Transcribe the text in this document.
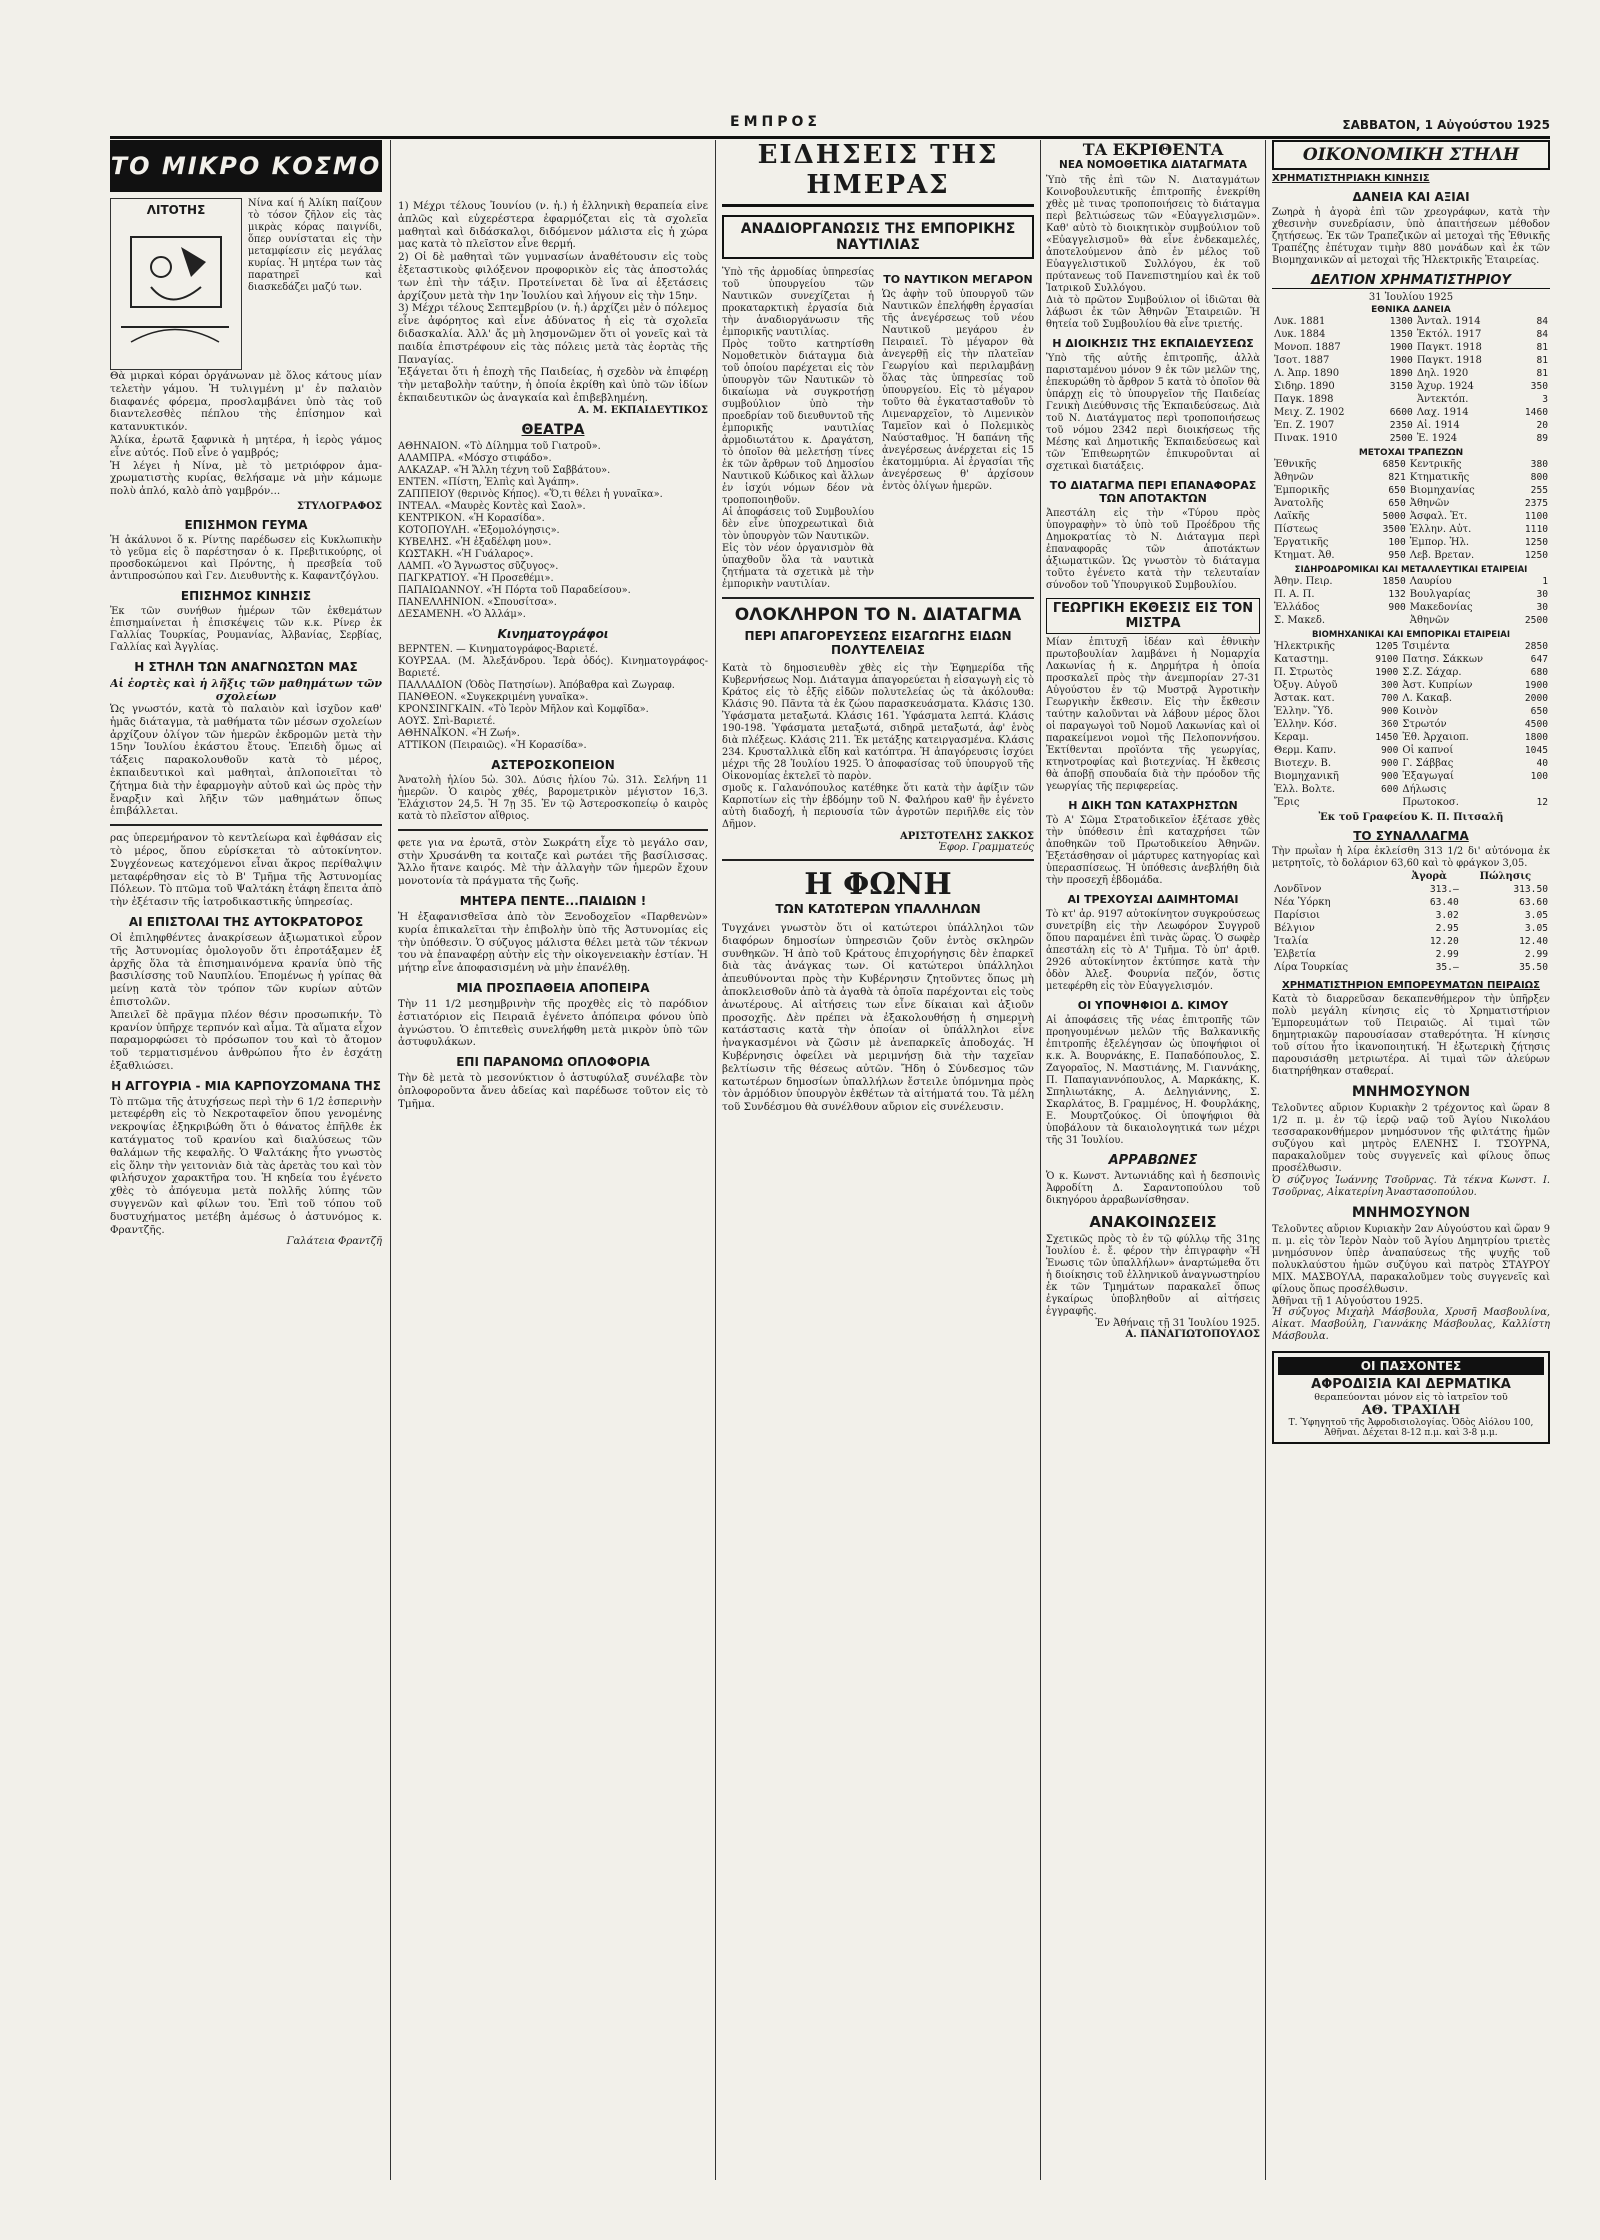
ΕΜΠΡΟΣ	ΣΑΒΒΑΤΟΝ, 1 Αὐγούστου 1925
ΤΟ ΜΙΚΡΟ ΚΟΣΜΟ
ΛΙΤΟΤΗΣ	Νίνα καί ή Ἀλίκη παίζουν τὸ τόσον ζῆλον εἰς τὰς μικρὰς κόρας παιγνίδι, ὅπερ ουνίσταται εἰς τὴν μεταμφίεσιν εἰς μεγάλας κυρίας. Ἡ μητέρα των τὰς παρατηρεῖ καὶ διασκεδάζει μαζύ των.

Θὰ μιρκαὶ κόραι ὀργάνωναν μὲ ὅλος κάτους μίαν τελετὴν γάμου. Ἡ τυλιγμένη μ' ἐν παλαιὸν διαφανές φόρεμα, προσλαμβάνει ὑπὸ τὰς τοῦ διαντελεσθὲς πέπλου τὴς ἐπίσημον καὶ κατανυκτικόν.

Ἀλίκα, ἐρωτᾶ ξαφνικὰ ἡ μητέρα, ἡ ἱερὸς γάμος εἶνε αὐτός. Ποῦ εἶνε ὁ γαμβρός;

Ἡ λέγει ἡ Νίνα, μὲ τὸ μετριόφρον ἀμα-χρωματιστὴς κυρίας, θελήσαμε νὰ μὴν κάμωμε πολὺ ἀπλό, καλὸ ἀπὸ γαμβρόν...

ΣΤΥΛΟΓΡΑΦΟΣ
ΕΠΙΣΗΜΟΝ ΓΕΥΜΑ

Ἡ ἀκάλυνοι ὅ κ. Ρίντης παρέδωσεν εἰς Κυκλωπικὴν τὸ γεῦμα εἰς ὃ παρέστησαν ὁ κ. Πρεβιτικούρης, οἱ προσδοκώμενοι καὶ Πρόντης, ἡ πρεσβεία τοῦ ἀντιπροσώπου καὶ Γεν. Διευθυντὴς κ. Καφαντζόγλου.

ΕΠΙΣΗΜΟΣ ΚΙΝΗΣΙΣ

Ἐκ τῶν συνήθων ἡμέρων τῶν ἐκθεμάτων ἐπισημαίνεται ἡ ἐπισκέψεις τῶν κ.κ. Ρίνερ ἐκ Γαλλίας Τουρκίας, Ρουμανίας, Ἀλβανίας, Σερβίας, Γαλλίας καὶ Ἀγγλίας.

Η ΣΤΗΛΗ ΤΩΝ ΑΝΑΓΝΩΣΤΩΝ ΜΑΣ
Αἱ ἐορτὲς καὶ ἡ λῆξις τῶν μαθημάτων τῶν σχολείων

Ὡς γνωστόν, κατὰ τὸ παλαιὸν καὶ ἰσχῦον καθ' ἡμᾶς διάταγμα, τὰ μαθήματα τῶν μέσων σχολείων ἀρχίζουν ὀλίγον τῶν ἡμερῶν ἐκδρομῶν μετὰ τὴν 15ην Ἰουλίου ἑκάστου ἔτους. Ἐπειδὴ ὅμως αἱ τάξεις παρακολουθοῦν κατὰ τὸ μέρος, ἐκπαιδευτικοὶ καὶ μαθηταὶ, ἀπλοποιεῖται τὸ ζήτημα διὰ τὴν ἐφαρμογὴν αὐτοῦ καὶ ὡς πρὸς τὴν ἔναρξιν καὶ λῆξιν τῶν μαθημάτων ὅπως ἐπιβάλλεται.

ρας ὑπερεμήρανον τὸ κεντλείωρα καὶ ἐφθάσαν εἰς τὸ μέρος, ὅπου εὑρίσκεται τὸ αὐτοκίνητον. Συγχέονεως κατεχόμενοι εἶναι ἄκρος περίθαλψιν μεταφέρθησαν εἰς τὸ Β' Τμῆμα τῆς Ἀστυνομίας Πόλεων. Τὸ πτῶμα τοῦ Ψαλτάκη ἐτάφη ἔπειτα ἀπὸ τὴν ἐξέτασιν τῆς ἰατροδικαστικῆς ὑπηρεσίας.

ΑΙ ΕΠΙΣΤΟΛΑΙ ΤΗΣ ΑΥΤΟΚΡΑΤΟΡΟΣ

Οἱ ἐπιληφθέντες ἀνακρίσεων ἀξιωματικοὶ εὗρον τῆς Ἀστυνομίας ὁμολογοῦν ὅτι ἐπροτάξαμεν ἐξ ἀρχῆς ὅλα τὰ ἐπισημαινόμενα κρανία ὑπὸ τῆς βασιλίσσης τοῦ Ναυπλίου. Ἑπομένως ἡ γρίπας θὰ μείνῃ κατὰ τὸν τρόπον τῶν κυρίων αὐτῶν ἐπιστολῶν.

Ἀπειλεῖ δὲ πρᾶγμα πλέον θέσιν προσωπικήν. Τὸ κρανίον ὑπῆρχε τερπνόν καὶ αἷμα. Τὰ αἵματα εἶχον παραμορφώσει τὸ πρόσωπον του καὶ τὸ ἄτομον τοῦ τερματισμένου ἀνθρώπου ἦτο ἐν ἐσχάτῃ ἐξαθλιώσει.

Η ΑΓΓΟΥΡΙΑ - ΜΙΑ ΚΑΡΠΟΥΖΟΜΑΝΑ ΤΗΣ

Τὸ πτῶμα τῆς ἀτυχήσεως περὶ τὴν 6 1/2 ἑσπερινὴν μετεφέρθη εἰς τὸ Νεκροταφεῖον ὅπου γενομένης νεκροψίας ἐξηκριβώθη ὅτι ὁ θάνατος ἐπῆλθε ἐκ κατάγματος τοῦ κρανίου καὶ διαλύσεως τῶν θαλάμων τῆς κεφαλῆς. Ὁ Ψαλτάκης ἦτο γνωστὸς εἰς ὅλην τὴν γειτονιὰν διὰ τὰς ἀρετὰς του καὶ τὸν φιλήσυχον χαρακτῆρα του. Ἡ κηδεία του ἐγένετο χθὲς τὸ ἀπόγευμα μετὰ πολλῆς λύπης τῶν συγγενῶν καὶ φίλων του. Ἐπὶ τοῦ τόπου τοῦ δυστυχήματος μετέβη ἀμέσως ὁ ἀστυνόμος κ. Φραντζῆς.

Γαλάτεια Φραντζῆ

1) Μέχρι τέλους Ἰουνίου (ν. ἡ.) ἡ ἐλληνικὴ θεραπεία εἶνε ἀπλῶς καὶ εὐχερέστερα ἐφαρμόζεται εἰς τὰ σχολεῖα μαθηταὶ καὶ διδάσκαλοι, διδόμενον μάλιστα εἰς ἡ χώρα μας κατὰ τὸ πλεῖστον εἶνε θερμή.

2) Οἱ δὲ μαθηταὶ τῶν γυμνασίων ἀναθέτουσιν εἰς τοὺς ἐξεταστικοὺς φιλόξενον προφορικὸν εἰς τὰς ἀποστολάς των ἐπὶ τὴν τάξιν. Προτείνεται δὲ ἵνα αἱ ἐξετάσεις ἀρχίζουν μετὰ τὴν 1ην Ἰουλίου καὶ λήγουν εἰς τὴν 15ην.

3) Μέχρι τέλους Σεπτεμβρίου (ν. ἡ.) ἀρχίζει μὲν ὁ πόλεμος εἶνε ἀφόρητος καὶ εἶνε ἀδύνατος ἡ εἰς τὰ σχολεῖα διδασκαλία. Ἀλλ' ἄς μὴ λησμονῶμεν ὅτι οἱ γονεῖς καὶ τὰ παιδία ἐπιστρέφουν εἰς τὰς πόλεις μετὰ τὰς ἑορτὰς τῆς Παναγίας.

Ἐξάγεται ὅτι ἡ ἐποχὴ τῆς Παιδείας, ἡ σχεδὸν νὰ ἐπιφέρῃ τὴν μεταβολὴν ταύτην, ἡ ὁποία ἐκρίθη καὶ ὑπὸ τῶν ἰδίων ἐκπαιδευτικῶν ὡς ἀναγκαία καὶ ἐπιβεβλημένη.

Α. Μ. ΕΚΠΑΙΔΕΥΤΙΚΟΣ
ΘΕΑΤΡΑ
ΑΘΗΝΑΙΟΝ. «Τὸ Δίλημμα τοῦ Γιατροῦ».
ΑΛΑΜΠΡΑ. «Μόσχο στιφάδο».
ΑΛΚΑΖΑΡ. «Ἡ Ἄλλη τέχνη τοῦ Σαββάτου».
ΕΝΤΕΝ. «Πίστη, Ἐλπὶς καὶ Ἀγάπη».
ΖΑΠΠΕΙΟΥ (θερινὸς Κήπος). «Ὅ,τι θέλει ἡ γυναῖκα».
ΙΝΤΕΑΛ. «Μαυρὲς Κοντὲς καὶ Σαολ».
ΚΕΝΤΡΙΚΟΝ. «Ἡ Κορασίδα».
ΚΟΤΟΠΟΥΛΗ. «Ἐξομολόγησις».
ΚΥΒΕΛΗΣ. «Ἡ ἐξαδέλφη μου».
ΚΩΣΤΑΚΗ. «Ἡ Γυάλαρος».
ΛΑΜΠ. «Ὁ Ἄγνωστος σῦζυγος».
ΠΑΓΚΡΑΤΙΟΥ. «Ἡ Προσεθέμι».
ΠΑΠΑΙΩΑΝΝΟΥ. «Ἡ Πόρτα τοῦ Παραδείσου».
ΠΑΝΕΛΛΗΝΙΟΝ. «Σπουσίτσα».
ΔΕΣΑΜΕΝΗ. «Ὁ Ἀλλάμ».
Κινηματογράφοι
ΒΕΡΝΤΕΝ. — Κινηματογράφος-Βαριετέ.
ΚΟΥΡΣΑΑ. (Μ. Ἀλεξάνδρου. Ἱερὰ ὁδός). Κινηματογράφος-Βαριετέ.
ΠΑΛΛΑΔΙΟΝ (Ὁδὸς Πατησίων). Ἀπόβαθρα καὶ Ζωγραφ.
ΠΑΝΘΕΟΝ. «Συγκεκριμένη γυναῖκα».
ΚΡΟΝΣΙΝΓΚΑΙΝ. «Τὸ Ἱερὸν Μῆλον καὶ Κομφῖδα».
ΑΟΥΣ. Σπὶ-Βαριετέ.
ΑΘΗΝΑΪΚΟΝ. «Ἡ Ζωή».
ΑΤΤΙΚΟΝ (Πειραιῶς). «Ἡ Κορασίδα».
ΑΣΤΕΡΟΣΚΟΠΕΙΟΝ

Ἀνατολὴ ἡλίου 5ὡ. 30λ. Δύσις ἡλίου 7ὡ. 31λ. Σελήνη 11 ἡμερῶν. Ὁ καιρὸς χθές, βαρομετρικὸν μέγιστον 16,3. Ἐλάχιστον 24,5. Ἡ 7ῃ 35. Ἐν τῷ Ἀστεροσκοπείῳ ὁ καιρὸς κατὰ τὸ πλεῖστον αἴθριος.

φετε για να ἐρωτᾶ, στὸν Σωκράτη εἶχε τὸ μεγάλο σαν, στὴν Χρυσάνθη τα κοιταζε καὶ ρωτάει τῆς βασίλισσας. Ἄλλο ἤτανε καιρός. Μὲ τὴν ἀλλαγὴν τῶν ἡμερῶν ἔχουν μονοτονία τὰ πράγματα τῆς ζωῆς.

ΜΗΤΕΡΑ ΠΕΝΤΕ...ΠΑΙΔΙΩΝ !

Ἡ ἐξαφανισθεῖσα ἀπὸ τὸν Ξενοδοχεῖον «Παρθενὼν» κυρία ἐπικαλεῖται τὴν ἐπιβολὴν ὑπὸ τῆς Ἀστυνομίας εἰς τὴν ὑπόθεσιν. Ὁ σύζυγος μάλιστα θέλει μετὰ τῶν τέκνων του νὰ ἐπαναφέρῃ αὐτὴν εἰς τὴν οἰκογενειακὴν ἑστίαν. Ἡ μήτηρ εἶνε ἀποφασισμένη νὰ μὴν ἐπανέλθῃ.

ΜΙΑ ΠΡΟΣΠΑΘΕΙΑ ΑΠΟΠΕΙΡΑ

Τὴν 11 1/2 μεσημβρινὴν τῆς προχθὲς εἰς τὸ παρόδιον ἐστιατόριον εἰς Πειραιᾶ ἐγένετο ἀπόπειρα φόνου ὑπὸ ἀγνώστου. Ὁ ἐπιτεθεὶς συνελήφθη μετὰ μικρὸν ὑπὸ τῶν ἀστυφυλάκων.

ΕΠΙ ΠΑΡΑΝΟΜΩ ΟΠΛΟΦΟΡΙΑ

Τὴν δὲ μετὰ τὸ μεσονύκτιον ὁ ἀστυφύλαξ συνέλαβε τὸν ὀπλοφοροῦντα ἄνευ ἀδείας καὶ παρέδωσε τοῦτον εἰς τὸ Τμῆμα.

ΕΙΔΗΣΕΙΣ ΤΗΣ ΗΜΕΡΑΣ
ΑΝΑΔΙΟΡΓΑΝΩΣΙΣ ΤΗΣ ΕΜΠΟΡΙΚΗΣ ΝΑΥΤΙΛΙΑΣ

Ὑπὸ τῆς ἁρμοδίας ὑπηρεσίας τοῦ ὑπουργείου τῶν Ναυτικῶν συνεχίζεται ἡ προκαταρκτικὴ ἐργασία διὰ τὴν ἀναδιοργάνωσιν τῆς ἐμπορικῆς ναυτιλίας.

Πρὸς τοῦτο κατηρτίσθη Νομοθετικὸν διάταγμα διὰ τοῦ ὁποίου παρέχεται εἰς τὸν ὑπουργὸν τῶν Ναυτικῶν τὸ δικαίωμα νὰ συγκροτήσῃ συμβούλιον ὑπὸ τὴν προεδρίαν τοῦ διευθυντοῦ τῆς ἐμπορικῆς ναυτιλίας ἁρμοδιωτάτου κ. Δραγάτση, τὸ ὁποῖον θὰ μελετήσῃ τίνες ἐκ τῶν ἄρθρων τοῦ Δημοσίου Ναυτικοῦ Κώδικος καὶ ἄλλων ἐν ἰσχύι νόμων δέον νὰ τροποποιηθοῦν.

Αἱ ἀποφάσεις τοῦ Συμβουλίου δὲν εἶνε ὑποχρεωτικαὶ διὰ τὸν ὑπουργὸν τῶν Ναυτικῶν.

Εἰς τὸν νέον ὀργανισμὸν θὰ ὑπαχθοῦν ὅλα τὰ ναυτικὰ ζητήματα τὰ σχετικὰ μὲ τὴν ἐμπορικὴν ναυτιλίαν.

ΤΟ ΝΑΥΤΙΚΟΝ ΜΕΓΑΡΟΝ

Ὡς ἀφὴν τοῦ ὑπουργοῦ τῶν Ναυτικῶν ἐπελήφθη ἐργασίαι τῆς ἀνεγέρσεως τοῦ νέου Ναυτικοῦ μεγάρου ἐν Πειραιεῖ. Τὸ μέγαρον θὰ ἀνεγερθῇ εἰς τὴν πλατεῖαν Γεωργίου καὶ περιλαμβάνῃ ὅλας τὰς ὑπηρεσίας τοῦ ὑπουργείου. Εἰς τὸ μέγαρον τοῦτο θὰ ἐγκατασταθοῦν τὸ Λιμεναρχεῖον, τὸ Λιμενικὸν Ταμεῖον καὶ ὁ Πολεμικὸς Ναύσταθμος. Ἡ δαπάνη τῆς ἀνεγέρσεως ἀνέρχεται εἰς 15 ἑκατομμύρια. Αἱ ἐργασίαι τῆς ἀνεγέρσεως θ' ἀρχίσουν ἐντὸς ὀλίγων ἡμερῶν.

ΟΛΟΚΛΗΡΟΝ ΤΟ Ν. ΔΙΑΤΑΓΜΑ
ΠΕΡΙ ΑΠΑΓΟΡΕΥΣΕΩΣ ΕΙΣΑΓΩΓΗΣ ΕΙΔΩΝ ΠΟΛΥΤΕΛΕΙΑΣ

Κατὰ τὸ δημοσιευθὲν χθὲς εἰς τὴν Ἐφημερίδα τῆς Κυβερνήσεως Νομ. Διάταγμα ἀπαγορεύεται ἡ εἰσαγωγὴ εἰς τὸ Κράτος εἰς τὸ ἑξῆς εἰδῶν πολυτελείας ὡς τὰ ἀκόλουθα: Κλάσις 90. Πᾶντα τὰ ἐκ ζώου παρασκευάσματα. Κλάσις 130. Ὑφάσματα μεταξωτά. Κλάσις 161. Ὑφάσματα λεπτά. Κλάσις 190-198. Ὑφάσματα μεταξωτά, σιδηρᾶ μεταξωτά, ἀφ' ἑνὸς διὰ πλέξεως. Κλάσις 211. Ἐκ μετάξης κατειργασμένα. Κλάσις 234. Κρυσταλλικὰ εἴδη καὶ κατόπτρα. Ἡ ἀπαγόρευσις ἰσχύει μέχρι τῆς 28 Ἰουλίου 1925. Ὁ ἀποφασίσας τοῦ ὑπουργοῦ τῆς Οἰκονομίας ἐκτελεῖ τὸ παρὸν.

σμοῦς κ. Γαλανόπουλος κατέθηκε ὅτι κατὰ τὴν ἀφίξιν τῶν Καρποτίων εἰς τὴν ἑβδόμην τοῦ Ν. Φαλήρου καθ' ἣν ἐγένετο αὐτὴ διαδοχή, ἡ περιουσία τῶν ἀγροτῶν περιῆλθε εἰς τὸν Δῆμον.

ΑΡΙΣΤΟΤΕΛΗΣ ΣΑΚΚΟΣ
Ἐφορ. Γραμματεύς
Η ΦΩΝΗ
ΤΩΝ ΚΑΤΩΤΕΡΩΝ ΥΠΑΛΛΗΛΩΝ

Τυγχάνει γνωστὸν ὅτι οἱ κατώτεροι ὑπάλληλοι τῶν διαφόρων δημοσίων ὑπηρεσιῶν ζοῦν ἐντὸς σκληρῶν συνθηκῶν. Ἡ ἀπὸ τοῦ Κράτους ἐπιχορήγησις δὲν ἐπαρκεῖ διὰ τὰς ἀνάγκας των. Οἱ κατώτεροι ὑπάλληλοι ἀπευθύνονται πρὸς τὴν Κυβέρνησιν ζητοῦντες ὅπως μὴ ἀποκλεισθοῦν ἀπὸ τὰ ἀγαθὰ τὰ ὁποῖα παρέχονται εἰς τοὺς ἀνωτέρους. Αἱ αἰτήσεις των εἶνε δίκαιαι καὶ ἀξιοῦν προσοχῆς. Δὲν πρέπει νὰ ἐξακολουθήσῃ ἡ σημερινὴ κατάστασις κατὰ τὴν ὁποίαν οἱ ὑπάλληλοι εἶνε ἠναγκασμένοι νὰ ζῶσιν μὲ ἀνεπαρκεῖς ἀποδοχάς. Ἡ Κυβέρνησις ὀφείλει νὰ μεριμνήσῃ διὰ τὴν ταχεῖαν βελτίωσιν τῆς θέσεως αὐτῶν. Ἤδη ὁ Σύνδεσμος τῶν κατωτέρων δημοσίων ὑπαλλήλων ἔστειλε ὑπόμνημα πρὸς τὸν ἁρμόδιον ὑπουργὸν ἐκθέτων τὰ αἰτήματά του. Τὰ μέλη τοῦ Συνδέσμου θὰ συνέλθουν αὔριον εἰς συνέλευσιν.

ΤΑ ΕΚΡΙΘΕΝΤΑ
ΝΕΑ ΝΟΜΟΘΕΤΙΚΑ ΔΙΑΤΑΓΜΑΤΑ

Ὑπὸ τῆς ἐπὶ τῶν Ν. Διαταγμάτων Κοινοβουλευτικῆς ἐπιτροπῆς ἐνεκρίθη χθὲς μὲ τινας τροποποιήσεις τὸ διάταγμα περὶ βελτιώσεως τῶν «Εὐαγγελισμῶν». Καθ' αὐτὸ τὸ διοικητικὸν συμβούλιον τοῦ «Εὐαγγελισμοῦ» θὰ εἶνε ἑνδεκαμελές, ἀποτελούμενον ἀπὸ ἐν μέλος τοῦ Εὐαγγελιστικοῦ Συλλόγου, ἐκ τοῦ πρύτανεως τοῦ Πανεπιστημίου καὶ ἐκ τοῦ Ἰατρικοῦ Συλλόγου.

Διὰ τὸ πρῶτον Συμβούλιον οἱ ἰδιῶται θὰ λάβωσι ἐκ τῶν Ἀθηνῶν Ἑταιρειῶν. Ἡ θητεία τοῦ Συμβουλίου θὰ εἶνε τριετής.

Η ΔΙΟΙΚΗΣΙΣ ΤΗΣ ΕΚΠΑΙΔΕΥΣΕΩΣ

Ὑπὸ τῆς αὐτῆς ἐπιτροπῆς, ἀλλὰ παρισταμένου μόνον 9 ἐκ τῶν μελῶν της, ἐπεκυρώθη τὸ ἄρθρον 5 κατὰ τὸ ὁποῖον θὰ ὑπάρχῃ εἰς τὸ ὑπουργεῖον τῆς Παιδείας Γενικὴ Διεύθυνσις τῆς Ἐκπαιδεύσεως. Διὰ τοῦ Ν. Διατάγματος περὶ τροποποιήσεως τοῦ νόμου 2342 περὶ διοικήσεως τῆς Μέσης καὶ Δημοτικῆς Ἐκπαιδεύσεως καὶ τῶν Ἐπιθεωρητῶν ἐπικυροῦνται αἱ σχετικαὶ διατάξεις.

ΤΟ ΔΙΑΤΑΓΜΑ ΠΕΡΙ ΕΠΑΝΑΦΟΡΑΣ ΤΩΝ ΑΠΟΤΑΚΤΩΝ

Ἀπεστάλη εἰς τὴν «Τύρου πρὸς ὑπογραφὴν» τὸ ὑπὸ τοῦ Προέδρου τῆς Δημοκρατίας τὸ Ν. Διάταγμα περὶ ἐπαναφορᾶς τῶν ἀποτάκτων ἀξιωματικῶν. Ὡς γνωστὸν τὸ διάταγμα τοῦτο ἐγένετο κατὰ τὴν τελευταίαν σύνοδον τοῦ Ὑπουργικοῦ Συμβουλίου.

ΓΕΩΡΓΙΚΗ ΕΚΘΕΣΙΣ ΕΙΣ ΤΟΝ ΜΙΣΤΡΑ

Μίαν ἐπιτυχῆ ἰδέαν καὶ ἐθνικὴν πρωτοβουλίαν λαμβάνει ἡ Νομαρχία Λακωνίας ἡ κ. Δηρμήτρα ἡ ὁποία προσκαλεῖ πρὸς τὴν ἀνεμπορίαν 27-31 Αὐγούστου ἐν τῷ Μυστρᾷ Ἀγροτικὴν Γεωργικὴν ἔκθεσιν. Εἰς τὴν ἔκθεσιν ταύτην καλοῦνται νὰ λάβουν μέρος ὅλοι οἱ παραγωγοὶ τοῦ Νομοῦ Λακωνίας καὶ οἱ παρακείμενοι νομοὶ τῆς Πελοποννήσου. Ἐκτίθενται προϊόντα τῆς γεωργίας, κτηνοτροφίας καὶ βιοτεχνίας. Ἡ ἔκθεσις θὰ ἀποβῇ σπουδαία διὰ τὴν πρόοδον τῆς γεωργίας τῆς περιφερείας.

Η ΔΙΚΗ ΤΩΝ ΚΑΤΑΧΡΗΣΤΩΝ

Τὸ Α' Σῶμα Στρατοδικεῖον ἐξέτασε χθὲς τὴν ὑπόθεσιν ἐπὶ καταχρήσει τῶν ἀποθηκῶν τοῦ Πρωτοδικείου Ἀθηνῶν. Ἐξετάσθησαν οἱ μάρτυρες κατηγορίας καὶ ὑπερασπίσεως. Ἡ ὑπόθεσις ἀνεβλήθη διὰ τὴν προσεχῆ ἑβδομάδα.

ΑΙ ΤΡΕΧΟΥΣΑΙ ΔΑΙΜΗΤΟΜΑΙ

Τὸ κτ' ἀρ. 9197 αὐτοκίνητον συγκρούσεως συνετρίβη εἰς τὴν Λεωφόρον Συγγροῦ ὅπου παραμένει ἐπὶ τινὰς ὥρας. Ὁ σωφὲρ ἀπεστάλη εἰς τὸ Α' Τμῆμα. Τὸ ὑπ' ἀριθ. 2926 αὐτοκίνητον ἐκτύπησε κατὰ τὴν ὁδὸν Ἀλεξ. Φουρνία πεζόν, ὅστις μετεφέρθη εἰς τὸν Εὐαγγελισμόν.

ΟΙ ΥΠΟΨΗΦΙΟΙ Δ. ΚΙΜΟΥ

Αἱ ἀποφάσεις τῆς νέας ἐπιτροπῆς τῶν προηγουμένων μελῶν τῆς Βαλκανικῆς ἐπιτροπῆς ἐξελέγησαν ὡς ὑποψήφιοι οἱ κ.κ. Ἀ. Βουρνάκης, Ε. Παπαδόπουλος, Σ. Ζαγοραῖος, Ν. Μαστιάνης, Μ. Γιαννάκης, Π. Παπαγιαννόπουλος, Α. Μαρκάκης, Κ. Σπηλιωτάκης, Α. Δεληγιάννης, Σ. Σκαρλάτος, Β. Γραμμένος, Η. Φουρλάκης, Ε. Μουρτζούκος. Οἱ ὑποψήφιοι θὰ ὑποβάλουν τὰ δικαιολογητικά των μέχρι τῆς 31 Ἰουλίου.

ΑΡΡΑΒΩΝΕΣ

Ὁ κ. Κωνστ. Ἀντωνιάδης καὶ ἡ δεσποινὶς Ἀφροδίτη Δ. Σαραντοπούλου τοῦ δικηγόρου ἀρραβωνίσθησαν.

ΑΝΑΚΟΙΝΩΣΕΙΣ

Σχετικῶς πρὸς τὸ ἐν τῷ φύλλῳ τῆς 31ης Ἰουλίου ἐ. ἔ. φέρον τὴν ἐπιγραφὴν «Ἡ Ἑνωσις τῶν ὑπαλλήλων» ἀναρτώμεθα ὅτι ἡ διοίκησις τοῦ ἐλληνικοῦ ἀναγνωστηρίου ἐκ τῶν Τμημάτων παρακαλεῖ ὅπως ἐγκαίρως ὑποβληθοῦν αἱ αἰτήσεις ἐγγραφῆς.

Ἐν Ἀθήναις τῇ 31 Ἰουλίου 1925.
Α. ΠΑΝΑΓΙΩΤΟΠΟΥΛΟΣ
ΟΙΚΟΝΟΜΙΚΗ ΣΤΗΛΗ
ΧΡΗΜΑΤΙΣΤΗΡΙΑΚΗ ΚΙΝΗΣΙΣ
ΔΑΝΕΙΑ ΚΑΙ ΑΞΙΑΙ

Ζωηρὰ ἡ ἀγορὰ ἐπὶ τῶν χρεογράφων, κατὰ τὴν χθεσινὴν συνεδρίασιν, ὑπὸ ἀπαιτήσεων μέθοδον ζητήσεως. Ἐκ τῶν Τραπεζικῶν αἱ μετοχαὶ τῆς Ἐθνικῆς Τραπέζης ἐπέτυχαν τιμὴν 880 μονάδων καὶ ἐκ τῶν Βιομηχανικῶν αἱ μετοχαὶ τῆς Ἡλεκτρικῆς Ἑταιρείας.

ΔΕΛΤΙΟΝ ΧΡΗΜΑΤΙΣΤΗΡΙΟΥ
31 Ἰουλίου 1925
ΕΘΝΙΚΑ ΔΑΝΕΙΑ
Λυκ. 1881	1300	Ἀνταλ. 1914	84
Λυκ. 1884	1350	Ἐκτόλ. 1917	84
Μονοπ. 1887	1900	Παγκτ. 1918	81
Ἰσοτ. 1887	1900	Παγκτ. 1918	81
Λ. Ἀπρ. 1890	1890	Δηλ. 1920	81
Σιδηρ. 1890	3150	Ἀχυρ. 1924	350
Παγκ. 1898		Ἀντεκτόπ.	3
Μειχ. Ζ. 1902	6600	Λαχ. 1914	1460
Ἐπ. Ζ. 1907	2350	Αἰ. 1914	20
Πινακ. 1910	2500	Ἐ. 1924	89
ΜΕΤΟΧΑΙ ΤΡΑΠΕΖΩΝ
Ἐθνικῆς	6850	Κεντρικῆς	380
Ἀθηνῶν	821	Κτηματικῆς	800
Ἐμπορικῆς	650	Βιομηχανίας	255
Ἀνατολῆς	650	Ἀθηνῶν	2375
Λαϊκῆς	5000	Ἀσφαλ. Ἑτ.	1100
Πίστεως	3500	Ἑλλην. Αὐτ.	1110
Ἐργατικῆς	100	Ἐμπορ. Ἡλ.	1250
Κτηματ. Ἀθ.	950	Λεβ. Βρεταν.	1250
ΣΙΔΗΡΟΔΡΟΜΙΚΑΙ ΚΑΙ ΜΕΤΑΛΛΕΥΤΙΚΑΙ ΕΤΑΙΡΕΙΑΙ
Ἀθην. Πειρ.	1850	Λαυρίου	1
Π. Α. Π.	132	Βουλγαρίας	30
Ἑλλάδος	900	Μακεδονίας	30
Σ. Μακεδ.		Ἀθηνῶν	2500
ΒΙΟΜΗΧΑΝΙΚΑΙ ΚΑΙ ΕΜΠΟΡΙΚΑΙ ΕΤΑΙΡΕΙΑΙ
Ἠλεκτρικῆς	1205	Τσιμέντα	2850
Καταστημ.	9100	Πατησ. Σάκκων	647
Π. Στρωτὸς	1900	Σ.Ζ. Σάχαρ.	680
Ὀξυγ. Αὐγοῦ	300	Ἀστ. Κυπρίων	1900
Ἀστακ. κατ.	700	Λ. Κακαβ.	2000
Ἑλλην. Ὕδ.	900	Κοινὸν	650
Ἑλλην. Κόσ.	360	Στρωτόν	4500
Κεραμ.	1450	Ἐθ. Ἀρχαιοπ.	1800
Θερμ. Καπν.	900	Οἱ καπνοί	1045
Βιοτεχν. Β.	900	Γ. Σάββας	40
Βιομηχανικῆ	900	Ἐξαγωγαί	100
Ἑλλ. Βολτε.	600	Δήλωσις	
Ἔρις		Πρωτοκοσ.	12
Ἐκ τοῦ Γραφείου Κ. Π. Πιτσαλῆ
ΤΟ ΣΥΝΑΛΛΑΓΜΑ

Τὴν πρωῒαν ἡ λίρα ἐκλείσθη 313 1/2 δι' αὐτόνομα ἐκ μετρητοῖς, τὸ δολάριον 63,60 καὶ τὸ φράγκον 3,05.

	Ἀγορὰ	Πώλησις
Λονδῖνον	313.—	313.50
Νέα Ὑόρκη	63.40	63.60
Παρίσιοι	3.02	3.05
Βέλγιον	2.95	3.05
Ἰταλία	12.20	12.40
Ἑλβετία	2.99	2.99
Λίρα Τουρκίας	35.—	35.50
ΧΡΗΜΑΤΙΣΤΗΡΙΟΝ ΕΜΠΟΡΕΥΜΑΤΩΝ ΠΕΙΡΑΙΩΣ

Κατὰ τὸ διαρρεῦσαν δεκαπενθήμερον τὴν ὑπῆρξεν πολὺ μεγάλη κίνησις εἰς τὸ Χρηματιστήριον Ἐμπορευμάτων τοῦ Πειραιῶς. Αἱ τιμαὶ τῶν δημητριακῶν παρουσίασαν σταθερότητα. Ἡ κίνησις τοῦ σίτου ἦτο ἱκανοποιητική. Ἡ ἐξωτερικὴ ζήτησις παρουσιάσθη μετριωτέρα. Αἱ τιμαὶ τῶν ἀλεύρων διατηρήθηκαν σταθεραί.

ΜΝΗΜΟΣΥΝΟΝ

Τελοῦντες αὔριον Κυριακὴν 2 τρέχοντος καὶ ὥραν 8 1/2 π. μ. ἐν τῷ ἱερῷ ναῷ τοῦ Ἁγίου Νικολάου τεσσαρακονθήμερον μνημόσυνον τῆς φιλτάτης ἡμῶν συζύγου καὶ μητρὸς ΕΛΕΝΗΣ Ι. ΤΣΟΥΡΝΑ, παρακαλοῦμεν τοὺς συγγενεῖς καὶ φίλους ὅπως προσέλθωσιν.

Ὁ σύζυγος Ἰωάννης Τσοῦρνας. Τὰ τέκνα Κωνστ. Ι. Τσοῦρνας, Αἰκατερίνη Ἀναστασοπούλου.

ΜΝΗΜΟΣΥΝΟΝ

Τελοῦντες αὔριον Κυριακὴν 2αν Αὐγούστου καὶ ὥραν 9 π. μ. εἰς τὸν Ἱερὸν Ναὸν τοῦ Ἁγίου Δημητρίου τριετὲς μνημόσυνον ὑπὲρ ἀναπαύσεως τῆς ψυχῆς τοῦ πολυκλαύστου ἡμῶν συζύγου καὶ πατρὸς ΣΤΑΥΡΟΥ ΜΙΧ. ΜΑΣΒΟΥΛΑ, παρακαλοῦμεν τοὺς συγγενεῖς καὶ φίλους ὅπως προσέλθωσιν.

Ἀθῆναι τῇ 1 Αὐγούστου 1925.

Ἡ σύζυγος Μιχαὴλ Μάσβουλα, Χρυσῆ Μασβουλίνα, Αἰκατ. Μασβούλη, Γιαννάκης Μάσβουλας, Καλλίστη Μάσβουλα.

ΟΙ ΠΑΣΧΟΝΤΕΣ
ΑΦΡΟΔΙΣΙΑ ΚΑΙ ΔΕΡΜΑΤΙΚΑ
θεραπεύονται μόνον εἰς τὸ ἰατρεῖον τοῦ
ΑΘ. ΤΡΑΧΙΛΗ
Τ. Ὑφηγητοῦ τῆς Ἀφροδισιολογίας. Ὁδὸς Αἰόλου 100, Ἀθῆναι. Δέχεται 8-12 π.μ. καὶ 3-8 μ.μ.
